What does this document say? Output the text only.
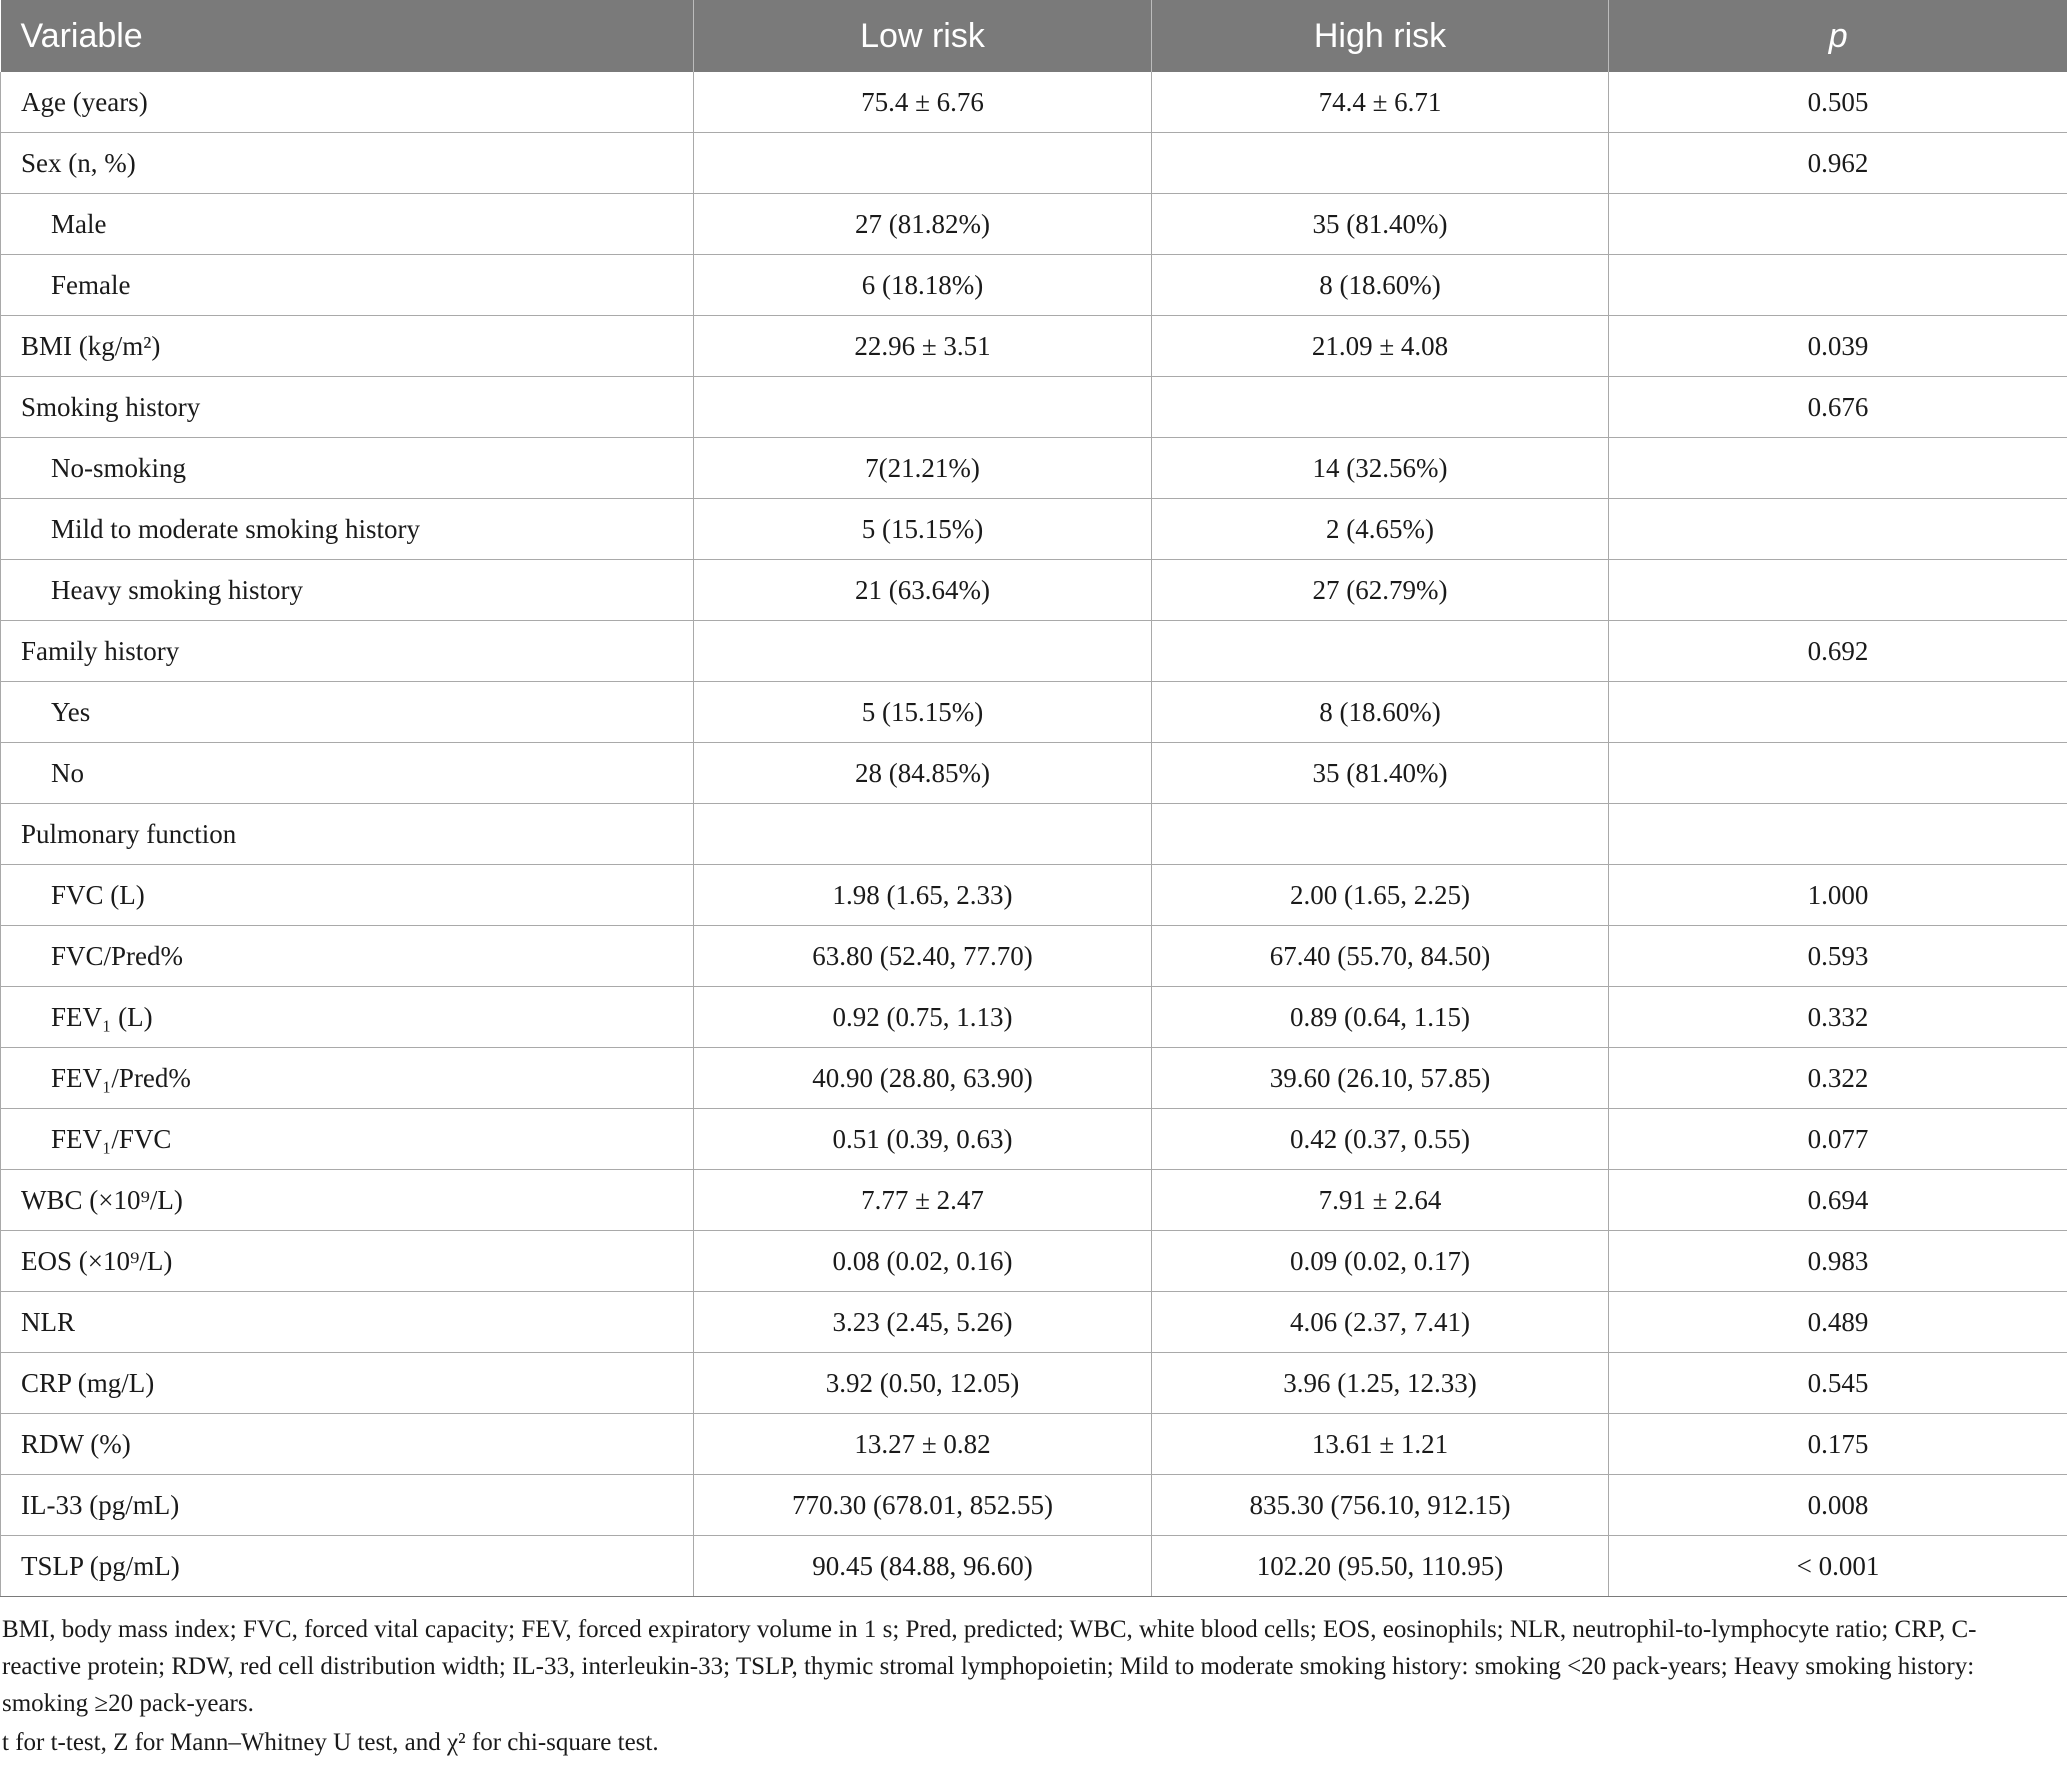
Variable	Low risk	High risk	p
Age (years)	75.4 ± 6.76	74.4 ± 6.71	0.505
Sex (n, %)			0.962
Male	27 (81.82%)	35 (81.40%)	
Female	6 (18.18%)	8 (18.60%)	
BMI (kg/m²)	22.96 ± 3.51	21.09 ± 4.08	0.039
Smoking history			0.676
No-smoking	7(21.21%)	14 (32.56%)	
Mild to moderate smoking history	5 (15.15%)	2 (4.65%)	
Heavy smoking history	21 (63.64%)	27 (62.79%)	
Family history			0.692
Yes	5 (15.15%)	8 (18.60%)	
No	28 (84.85%)	35 (81.40%)	
Pulmonary function			
FVC (L)	1.98 (1.65, 2.33)	2.00 (1.65, 2.25)	1.000
FVC/Pred%	63.80 (52.40, 77.70)	67.40 (55.70, 84.50)	0.593
FEV₁ (L)	0.92 (0.75, 1.13)	0.89 (0.64, 1.15)	0.332
FEV₁/Pred%	40.90 (28.80, 63.90)	39.60 (26.10, 57.85)	0.322
FEV₁/FVC	0.51 (0.39, 0.63)	0.42 (0.37, 0.55)	0.077
WBC (×10⁹/L)	7.77 ± 2.47	7.91 ± 2.64	0.694
EOS (×10⁹/L)	0.08 (0.02, 0.16)	0.09 (0.02, 0.17)	0.983
NLR	3.23 (2.45, 5.26)	4.06 (2.37, 7.41)	0.489
CRP (mg/L)	3.92 (0.50, 12.05)	3.96 (1.25, 12.33)	0.545
RDW (%)	13.27 ± 0.82	13.61 ± 1.21	0.175
IL-33 (pg/mL)	770.30 (678.01, 852.55)	835.30 (756.10, 912.15)	0.008
TSLP (pg/mL)	90.45 (84.88, 96.60)	102.20 (95.50, 110.95)	< 0.001

BMI, body mass index; FVC, forced vital capacity; FEV, forced expiratory volume in 1 s; Pred, predicted; WBC, white blood cells; EOS, eosinophils; NLR, neutrophil-to-lymphocyte ratio; CRP, C-reactive protein; RDW, red cell distribution width; IL-33, interleukin-33; TSLP, thymic stromal lymphopoietin; Mild to moderate smoking history: smoking <20 pack-years; Heavy smoking history: smoking ≥20 pack-years.

t for t-test, Z for Mann–Whitney U test, and χ² for chi-square test.
